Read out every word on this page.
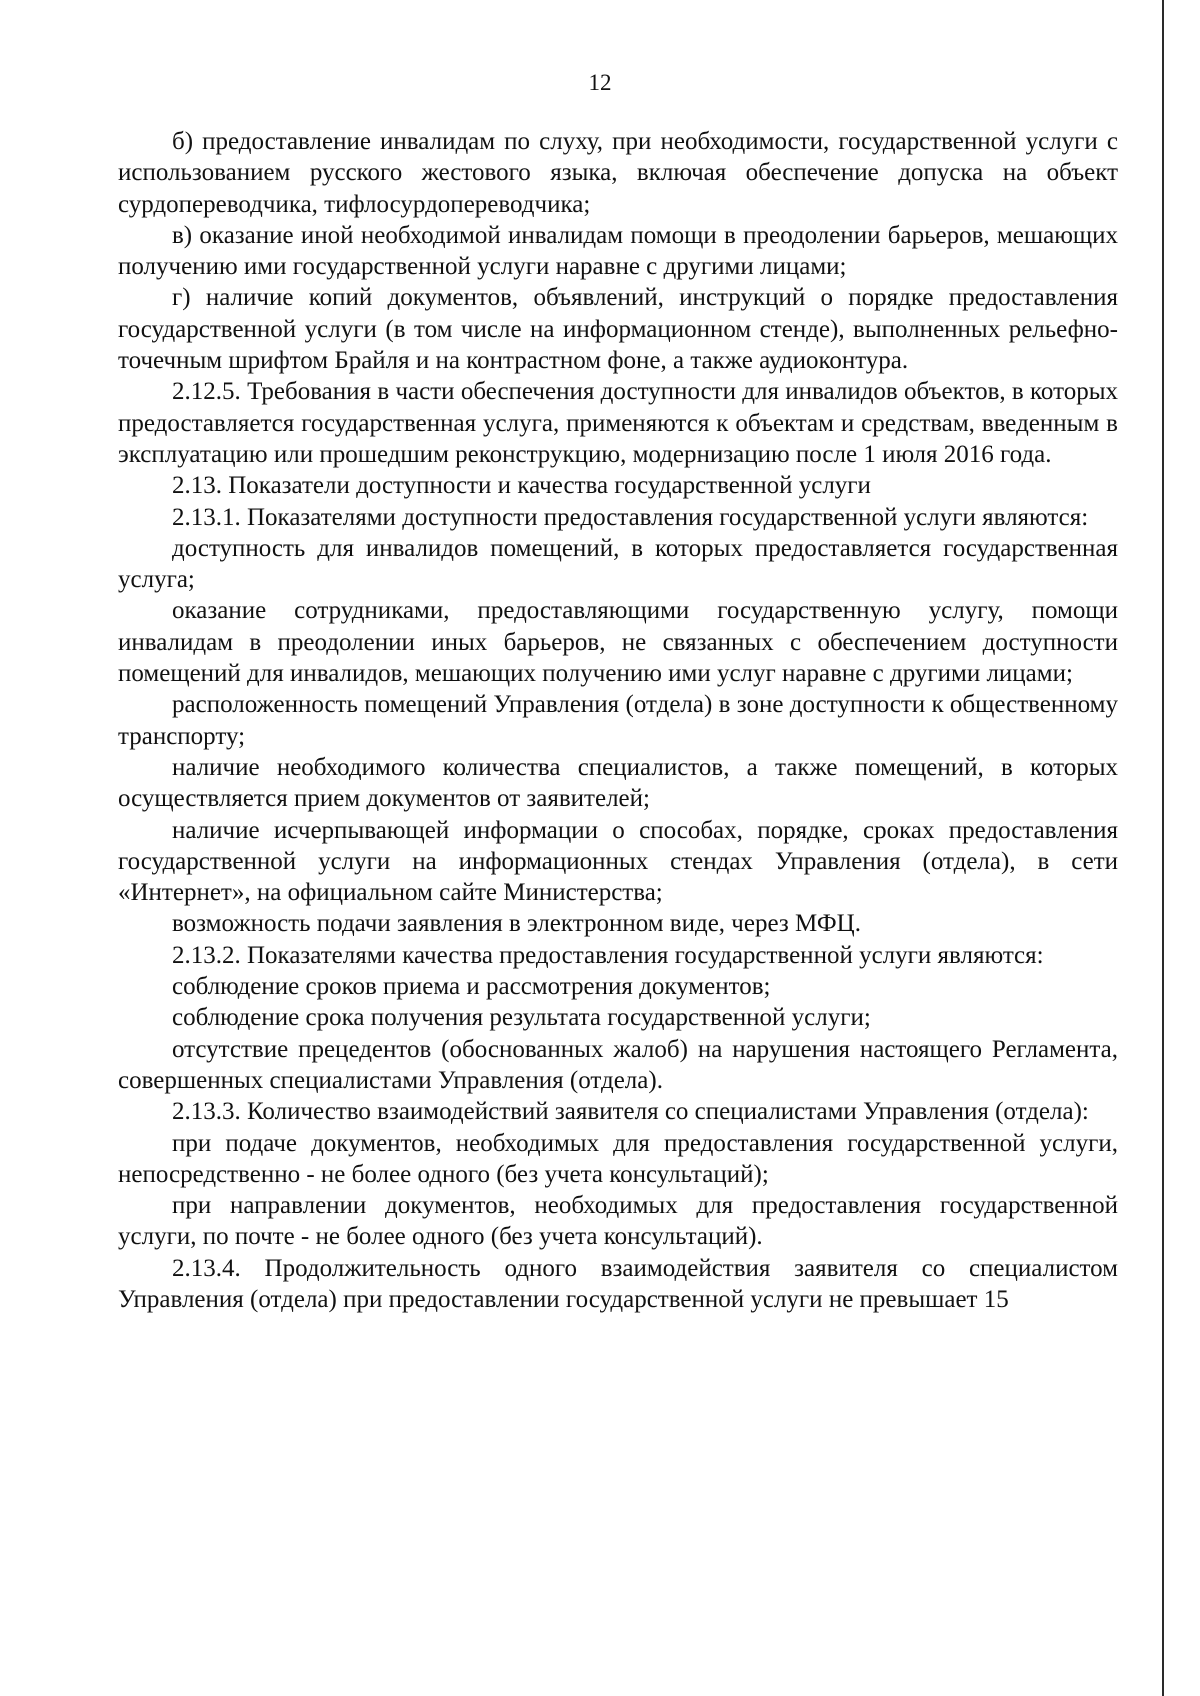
12

б) предоставление инвалидам по слуху, при необходимости, государственной услуги с использованием русского жестового языка, включая обеспечение допуска на объект сурдопереводчика, тифлосурдопереводчика;

в) оказание иной необходимой инвалидам помощи в преодолении барьеров, мешающих получению ими государственной услуги наравне с другими лицами;

г) наличие копий документов, объявлений, инструкций о порядке предоставления государственной услуги (в том числе на информационном стенде), выполненных рельефно-точечным шрифтом Брайля и на контрастном фоне, а также аудиоконтура.

2.12.5. Требования в части обеспечения доступности для инвалидов объектов, в которых предоставляется государственная услуга, применяются к объектам и средствам, введенным в эксплуатацию или прошедшим реконструкцию, модернизацию после 1 июля 2016 года.

2.13. Показатели доступности и качества государственной услуги

2.13.1. Показателями доступности предоставления государственной услуги являются:

доступность для инвалидов помещений, в которых предоставляется государственная услуга;

оказание сотрудниками, предоставляющими государственную услугу, помощи инвалидам в преодолении иных барьеров, не связанных с обеспечением доступности помещений для инвалидов, мешающих получению ими услуг наравне с другими лицами;

расположенность помещений Управления (отдела) в зоне доступности к общественному транспорту;

наличие необходимого количества специалистов, а также помещений, в которых осуществляется прием документов от заявителей;

наличие исчерпывающей информации о способах, порядке, сроках предоставления государственной услуги на информационных стендах Управления (отдела), в сети «Интернет», на официальном сайте Министерства;

возможность подачи заявления в электронном виде, через МФЦ.

2.13.2. Показателями качества предоставления государственной услуги являются:

соблюдение сроков приема и рассмотрения документов;

соблюдение срока получения результата государственной услуги;

отсутствие прецедентов (обоснованных жалоб) на нарушения настоящего Регламента, совершенных специалистами Управления (отдела).

2.13.3. Количество взаимодействий заявителя со специалистами Управления (отдела):

при подаче документов, необходимых для предоставления государственной услуги, непосредственно - не более одного (без учета консультаций);

при направлении документов, необходимых для предоставления государственной услуги, по почте - не более одного (без учета консультаций).

2.13.4. Продолжительность одного взаимодействия заявителя со специалистом Управления (отдела) при предоставлении государственной услуги не превышает 15
